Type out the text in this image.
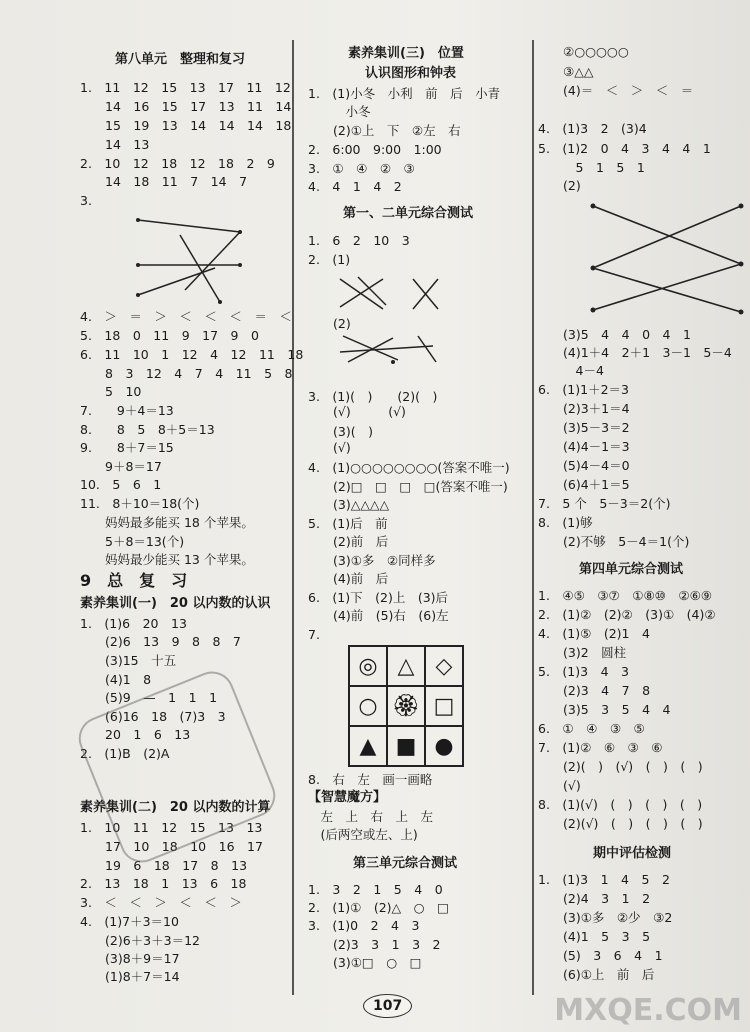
第八单元　整理和复习
1.　11　12　15　13　17　11　12
　　14　16　15　17　13　11　14
　　15　19　13　14　14　14　18
　　14　13
2.　10　12　18　12　18　2　9
　　14　18　11　7　14　7
3.
4.　＞　＝　＞　＜　＜　＜　＝　＜
5.　18　0　11　9　17　9　0
6.　11　10　1　12　4　12　11　18
　　8　3　12　4　7　4　11　5　8
　　5　10
7.　　9＋4＝13
8.　　8　5　8＋5＝13
9.　　8＋7＝15
　　9＋8＝17
10.　5　6　1
11.　8＋10＝18(个)
　　妈妈最多能买 18 个苹果。
　　5＋8＝13(个)
　　妈妈最少能买 13 个苹果。
9　总　复　习
素养集训(一)　20 以内数的认识
1.　(1)6　20　13
　　(2)6　13　9　8　8　7
　　(3)15　十五
　　(4)1　8
　　(5)9　—　1　1　1
　　(6)16　18　(7)3　3
　　20　1　6　13
2.　(1)B　(2)A
素养集训(二)　20 以内数的计算
1.　10　11　12　15　13　13
　　17　10　18　10　16　17
　　19　6　18　17　8　13
2.　13　18　1　13　6　18
3.　＜　＜　＞　＜　＜　＞
4.　(1)7＋3＝10
　　(2)6＋3＋3＝12
　　(3)8＋9＝17
　　(1)8＋7＝14
素养集训(三)　位置
认识图形和钟表
1.　(1)小冬　小利　前　后　小青
　　　小冬
　　(2)①上　下　②左　右
2.　6:00　9:00　1:00
3.　①　④　②　③
4.　4　1　4　2
第一、二单元综合测试
1.　6　2　10　3
2.　(1)
　　(2)
3.　(1)(　)　　(2)(　)
　　(√)　　　(√)
　　(3)(　)
　　(√)
4.　(1)○○○○○○○○(答案不唯一)
　　(2)□　□　□　□(答案不唯一)
　　(3)△△△△
5.　(1)后　前
　　(2)前　后
　　(3)①多　②同样多
　　(4)前　后
6.　(1)下　(2)上　(3)后
　　(4)前　(5)右　(6)左
7.
8.　右　左　画一画略
【智慧魔方】
　左　上　右　上　左
　(后两空或左、上)
第三单元综合测试
1.　3　2　1　5　4　0
2.　(1)①　(2)△　○　□
3.　(1)0　2　4　3
　　(2)3　3　1　3　2
　　(3)①□　○　□
◎ △ ◇
○ 🏵 □
▲ ■ ●
　　②○○○○○
　　③△△
　　(4)＝　＜　＞　＜　＝
4.　(1)3　2　(3)4
5.　(1)2　0　4　3　4　4　1
　　　5　1　5　1
　　(2)
　　(3)5　4　4　0　4　1
　　(4)1＋4　2＋1　3－1　5－4
　　　4－4
6.　(1)1＋2＝3
　　(2)3＋1＝4
　　(3)5－3＝2
　　(4)4－1＝3
　　(5)4－4＝0
　　(6)4＋1＝5
7.　5 个　5－3＝2(个)
8.　(1)够
　　(2)不够　5－4＝1(个)
第四单元综合测试
1.　④⑤　③⑦　①⑧⑩　②⑥⑨
2.　(1)②　(2)②　(3)①　(4)②
4.　(1)⑤　(2)1　4
　　(3)2　圆柱
5.　(1)3　4　3
　　(2)3　4　7　8
　　(3)5　3　5　4　4
6.　①　④　③　⑤
7.　(1)②　⑥　③　⑥
　　(2)(　)　(√)　(　)　(　)
　　(√)
8.　(1)(√)　(　)　(　)　(　)
　　(2)(√)　(　)　(　)　(　)
期中评估检测
1.　(1)3　1　4　5　2
　　(2)4　3　1　2
　　(3)①多　②少　③2
　　(4)1　5　3　5
　　(5)　3　6　4　1
　　(6)①上　前　后
107	MXQE.COM
